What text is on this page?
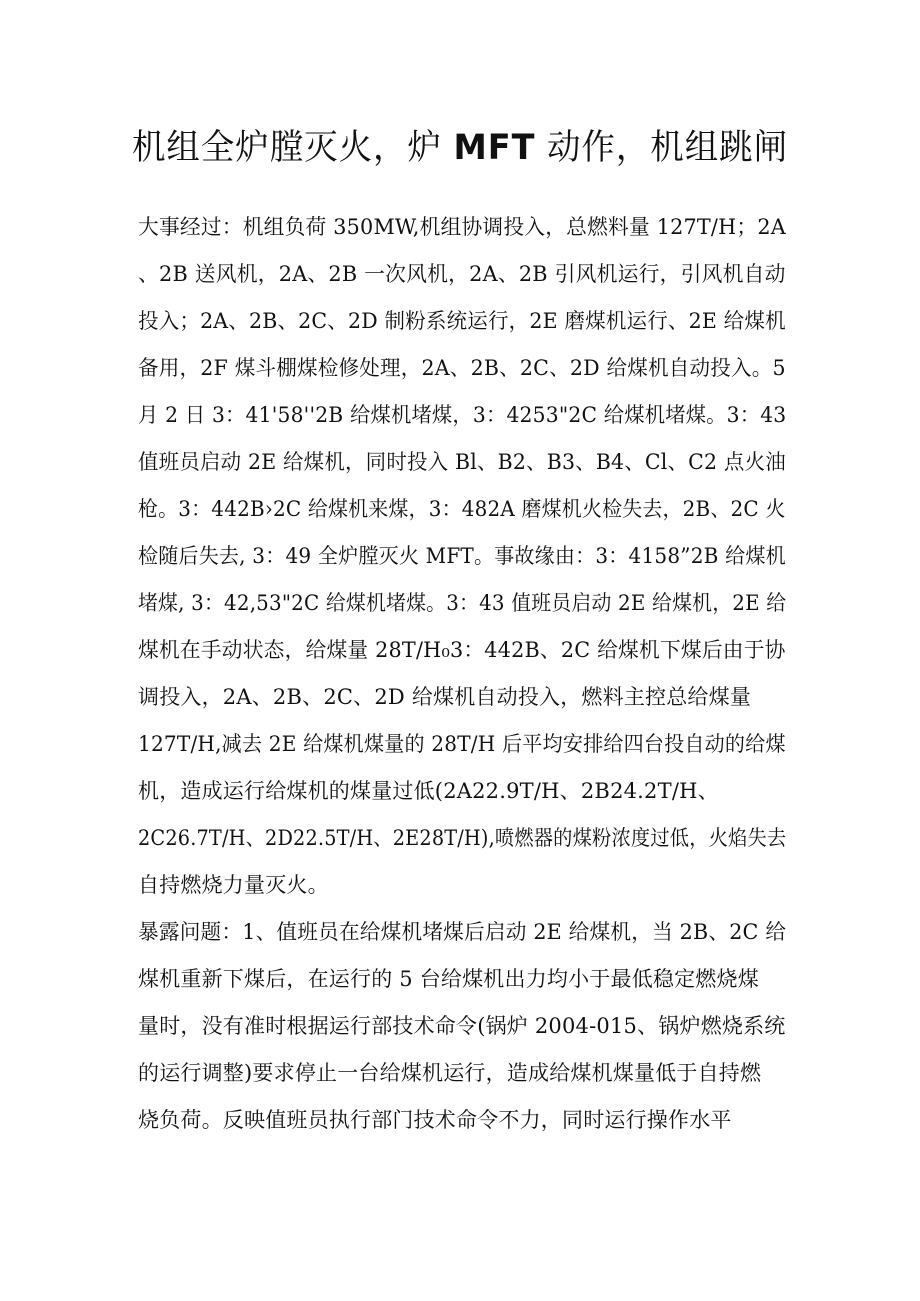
机组全炉膛灭火，炉 MFT 动作，机组跳闸
大事经过：机组负荷 350MW,机组协调投入，总燃料量 127T/H；2A
、2B 送风机，2A、2B 一次风机，2A、2B 引风机运行，引风机自动
投入；2A、2B、2C、2D 制粉系统运行，2E 磨煤机运行、2E 给煤机
备用，2F 煤斗棚煤检修处理，2A、2B、2C、2D 给煤机自动投入。5
月 2 日 3：41'58''2B 给煤机堵煤，3：4253"2C 给煤机堵煤。3：43
值班员启动 2E 给煤机，同时投入 Bl、B2、B3、B4、Cl、C2 点火油
枪。3：442B›2C 给煤机来煤，3：482A 磨煤机火检失去，2B、2C 火
检随后失去, 3：49 全炉膛灭火 MFT。事故缘由：3：4158”2B 给煤机
堵煤, 3：42‚53"2C 给煤机堵煤。3：43 值班员启动 2E 给煤机，2E 给
煤机在手动状态，给煤量 28T/H₀3：442B、2C 给煤机下煤后由于协
调投入，2A、2B、2C、2D 给煤机自动投入，燃料主控总给煤量
127T/H,减去 2E 给煤机煤量的 28T/H 后平均安排给四台投自动的给煤
机，造成运行给煤机的煤量过低(2A22.9T/H、2B24.2T/H、
2C26.7T/H、2D22.5T/H、2E28T/H),喷燃器的煤粉浓度过低，火焰失去
自持燃烧力量灭火。
暴露问题：1、值班员在给煤机堵煤后启动 2E 给煤机，当 2B、2C 给
煤机重新下煤后，在运行的 5 台给煤机出力均小于最低稳定燃烧煤
量时，没有准时根据运行部技术命令(锅炉 2004-015、锅炉燃烧系统
的运行调整)要求停止一台给煤机运行，造成给煤机煤量低于自持燃
烧负荷。反映值班员执行部门技术命令不力，同时运行操作水平
